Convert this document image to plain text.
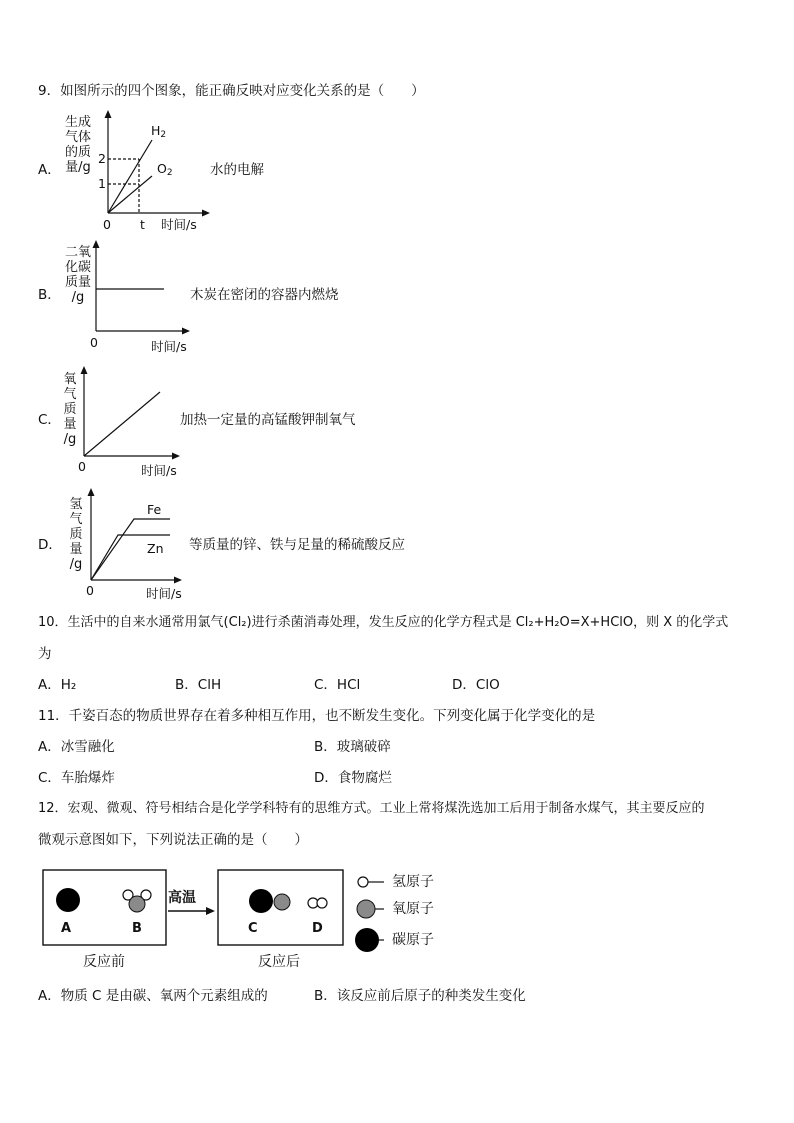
9．如图所示的四个图象，能正确反映对应变化关系的是（　　）
A．
生成
气体
的质
量/g
2
1
0 t 时间/s
$H_2$
$O_2$	水的电解
B．
二氧
化碳
质量
/g
0	时间/s
木炭在密闭的容器内燃烧
C．
氧
气
质
量
/g
0	时间/s
加热一定量的高锰酸钾制氧气
D．
氢
气
质
量
/g
Fe
Zn
0	时间/s
等质量的锌、铁与足量的稀硫酸反应
10．生活中的自来水通常用氯气(Cl₂)进行杀菌消毒处理，发生反应的化学方程式是 Cl₂+H₂O=X+HClO，则 X 的化学式
为
A．H₂	B．ClH	C．HCl	D．ClO
11．千姿百态的物质世界存在着多种相互作用，也不断发生变化。下列变化属于化学变化的是
A．冰雪融化	B．玻璃破碎
C．车胎爆炸	D．食物腐烂
12．宏观、微观、符号相结合是化学学科特有的思维方式。工业上常将煤洗选加工后用于制备水煤气，其主要反应的
微观示意图如下，下列说法正确的是（　　）
高温
A	B	C	D
反应前	反应后
氢原子
氧原子
碳原子
A．物质 C 是由碳、氧两个元素组成的	B．该反应前后原子的种类发生变化
